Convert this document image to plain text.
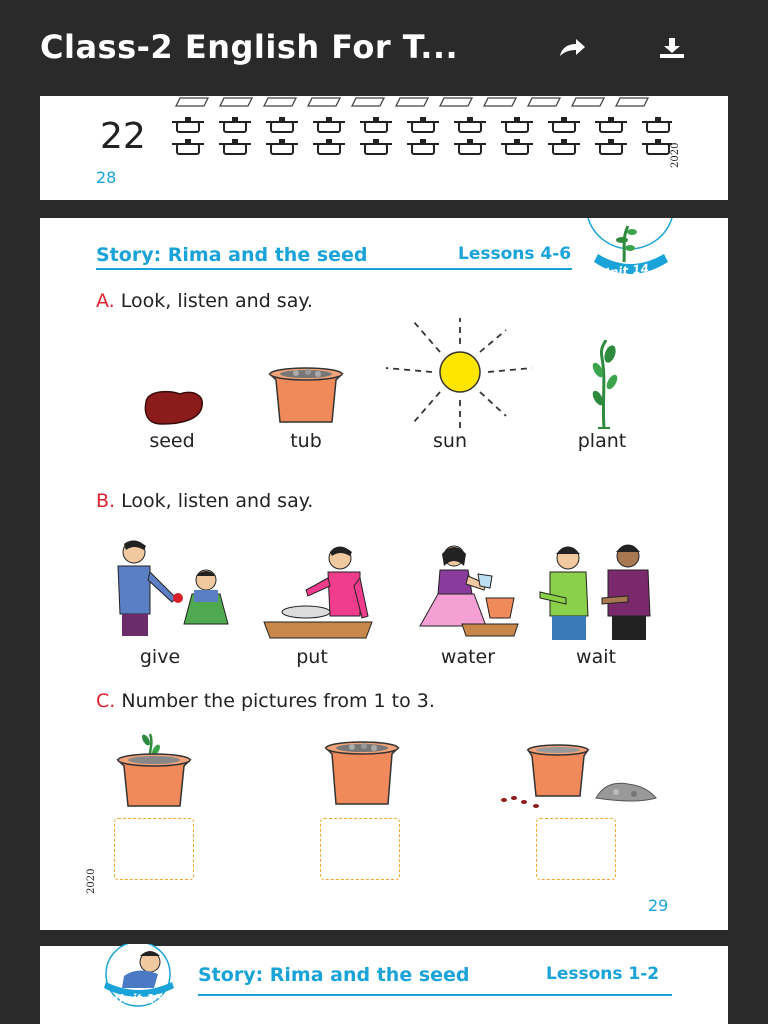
Class-2 English For T...
22	2020
28
Story: Rima and the seed	Lessons 4-6
Unit 14
A. Look, listen and say.
seed	tub	sun	plant
B. Look, listen and say.
give	put	water	wait
C. Number the pictures from 1 to 3.
2020
29
Unit 15
Story: Rima and the seed	Lessons 1-2
